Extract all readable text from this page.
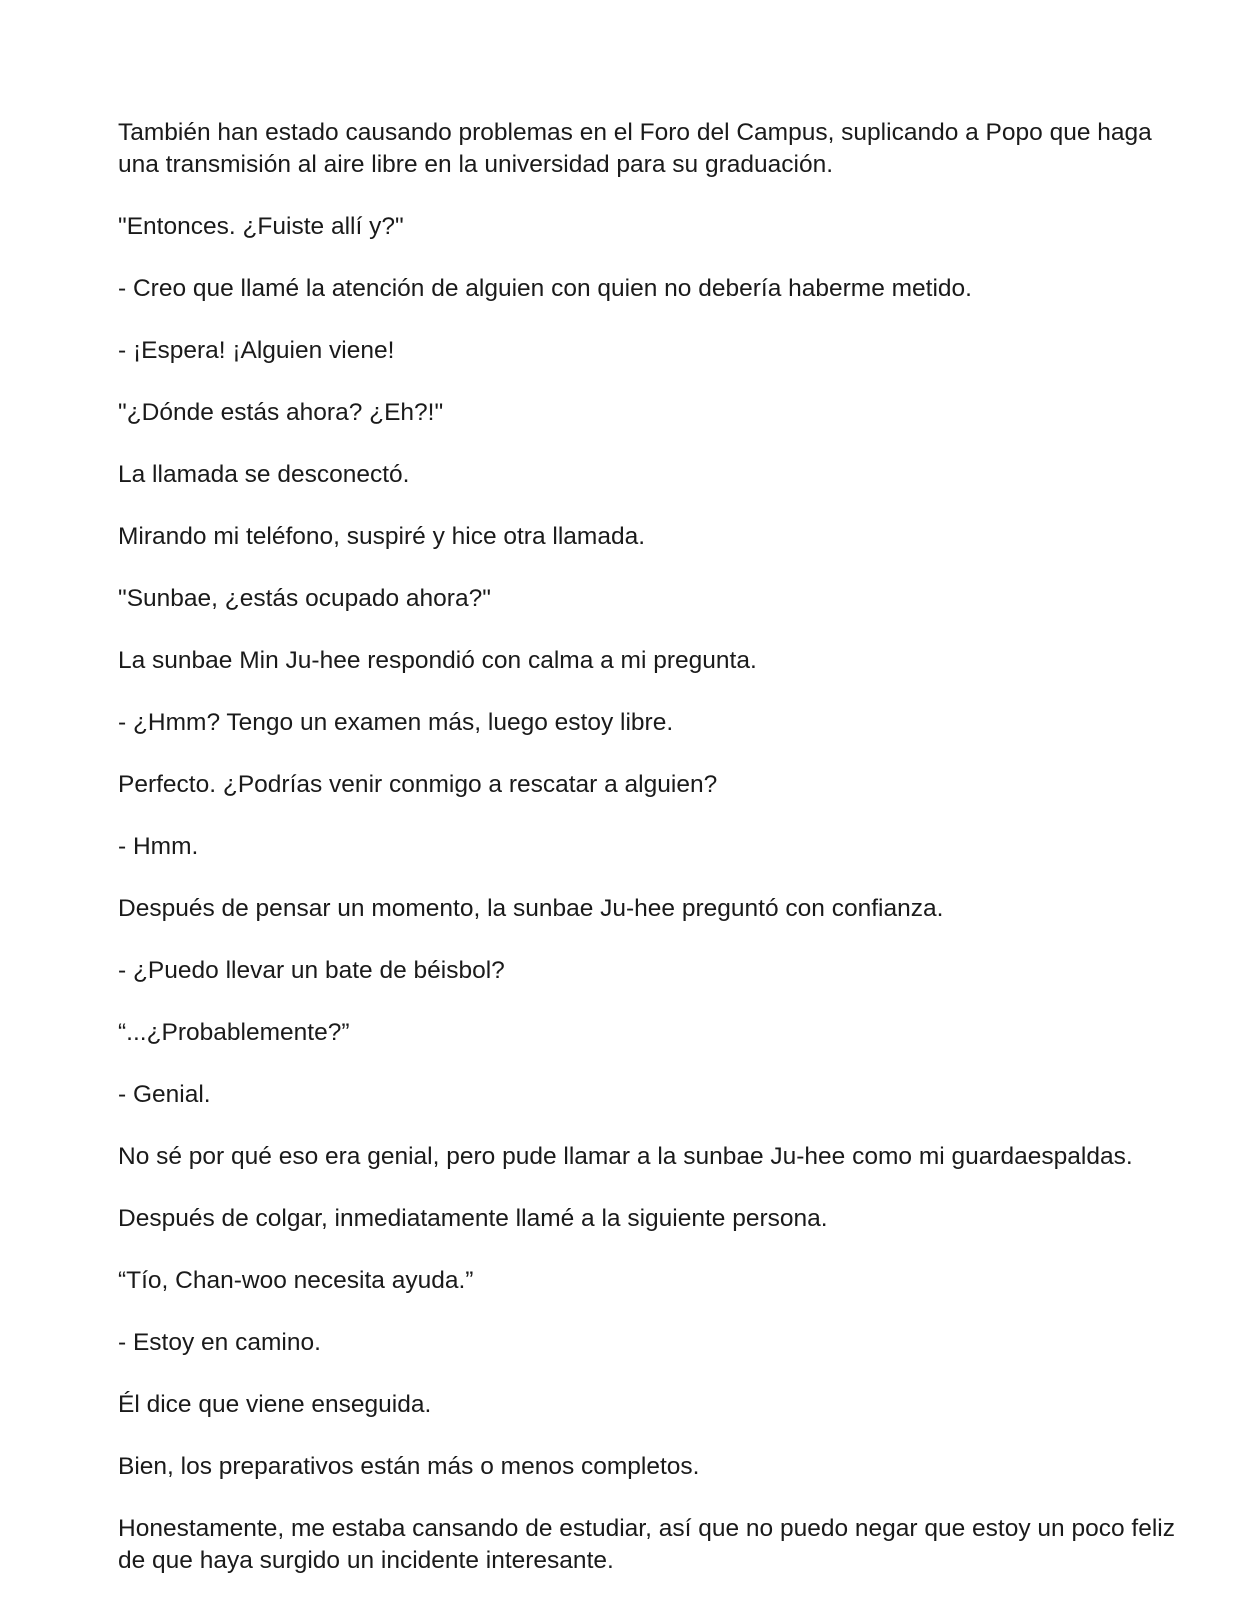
También han estado causando problemas en el Foro del Campus, suplicando a Popo que haga una transmisión al aire libre en la universidad para su graduación.

"Entonces. ¿Fuiste allí y?"

- Creo que llamé la atención de alguien con quien no debería haberme metido.

- ¡Espera! ¡Alguien viene!

"¿Dónde estás ahora? ¿Eh?!"

La llamada se desconectó.

Mirando mi teléfono, suspiré y hice otra llamada.

"Sunbae, ¿estás ocupado ahora?"

La sunbae Min Ju-hee respondió con calma a mi pregunta.

- ¿Hmm? Tengo un examen más, luego estoy libre.

Perfecto. ¿Podrías venir conmigo a rescatar a alguien?

- Hmm.

Después de pensar un momento, la sunbae Ju-hee preguntó con confianza.

- ¿Puedo llevar un bate de béisbol?

“...¿Probablemente?”

- Genial.

No sé por qué eso era genial, pero pude llamar a la sunbae Ju-hee como mi guardaespaldas.

Después de colgar, inmediatamente llamé a la siguiente persona.

“Tío, Chan-woo necesita ayuda.”

- Estoy en camino.

Él dice que viene enseguida.

Bien, los preparativos están más o menos completos.

Honestamente, me estaba cansando de estudiar, así que no puedo negar que estoy un poco feliz de que haya surgido un incidente interesante.
